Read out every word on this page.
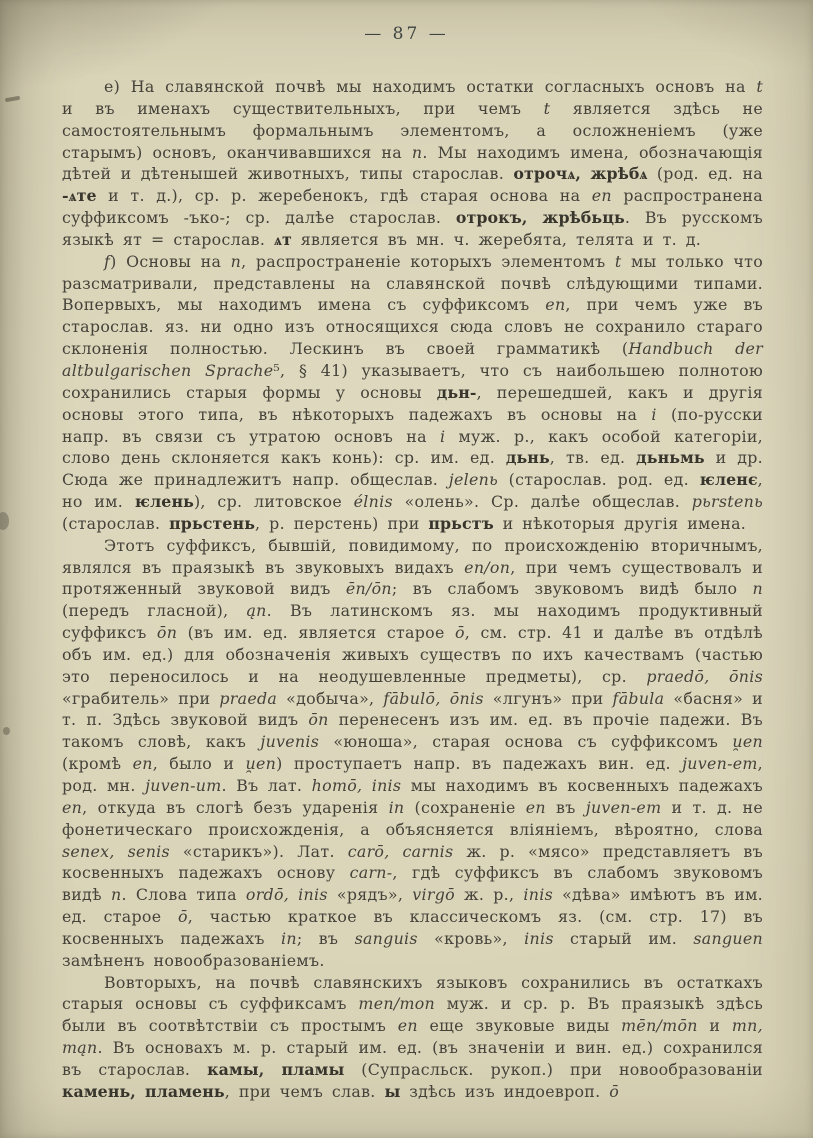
— 87 —

е) На славянской почвѣ мы находимъ остатки согласныхъ основъ на t и въ именахъ существительныхъ, при чемъ t является здѣсь не самостоятельнымъ формальнымъ элементомъ, а осложненіемъ (уже старымъ) основъ, оканчивавшихся на n. Мы находимъ имена, обозначающія дѣтей и дѣтенышей животныхъ, типы старослав. отрочѧ, жрѣбѧ (род. ед. на -ѧте и т. д.), ср. р. жеребенокъ, гдѣ старая основа на en распространена суффиксомъ -ъко-; ср. далѣе старослав. отрокъ, жрѣбьць. Въ русскомъ языкѣ ят = старослав. ѧт является въ мн. ч. жеребята, телята и т. д.

f) Основы на n, распространеніе которыхъ элементомъ t мы только что разсматривали, представлены на славянской почвѣ слѣдующими типами. Вопервыхъ, мы находимъ имена съ суффиксомъ en, при чемъ уже въ старослав. яз. ни одно изъ относящихся сюда словъ не сохранило стараго склоненія полностью. Лескинъ въ своей грамматикѣ (Handbuch der altbulgarischen Sprache⁵, § 41) указываетъ, что съ наибольшею полнотою сохранились старыя формы у основы дьн-, перешедшей, какъ и другія основы этого типа, въ нѣкоторыхъ падежахъ въ основы на i (по-русски напр. въ связи съ утратою основъ на i муж. р., какъ особой категоріи, слово день склоняется какъ конь): ср. им. ед. дьнь, тв. ед. дьньмь и др. Сюда же принадлежитъ напр. общеслав. jelenь (старослав. род. ед. ѥленє, но им. ѥлень), ср. литовское élnis «олень». Ср. далѣе общеслав. pьrstenь (старослав. прьстень, р. перстень) при прьстъ и нѣкоторыя другія имена.

Этотъ суффиксъ, бывшій, повидимому, по происхожденію вторичнымъ, являлся въ праязыкѣ въ звуковыхъ видахъ en/on, при чемъ существовалъ и протяженный звуковой видъ ēn/ōn; въ слабомъ звуковомъ видѣ было n (передъ гласной), ąn. Въ латинскомъ яз. мы находимъ продуктивный суффиксъ ōn (въ им. ед. является старое ō, см. стр. 41 и далѣе въ отдѣлѣ объ им. ед.) для обозначенія живыхъ существъ по ихъ качествамъ (частью это переносилось и на неодушевленные предметы), ср. praedō, ōnis «грабитель» при praeda «добыча», fābulō, ōnis «лгунъ» при fābula «басня» и т. п. Здѣсь звуковой видъ ōn перенесенъ изъ им. ед. въ прочіе падежи. Въ такомъ словѣ, какъ juvenis «юноша», старая основа съ суффиксомъ u̯en (кромѣ en, было и u̯en) проступаетъ напр. въ падежахъ вин. ед. juven-em, род. мн. juven-um. Въ лат. homō, inis мы находимъ въ косвенныхъ падежахъ en, откуда въ слогѣ безъ ударенія in (сохраненіе en въ juven-em и т. д. не фонетическаго происхожденія, а объясняется вліяніемъ, вѣроятно, слова senex, senis «старикъ»). Лат. carō, carnis ж. р. «мясо» представляетъ въ косвенныхъ падежахъ основу carn-, гдѣ суффиксъ въ слабомъ звуковомъ видѣ n. Слова типа ordō, inis «рядъ», virgō ж. р., inis «дѣва» имѣютъ въ им. ед. старое ō, частью краткое въ классическомъ яз. (см. стр. 17) въ косвенныхъ падежахъ in; въ sanguis «кровь», inis старый им. sanguen замѣненъ новообразованіемъ.

Вовторыхъ, на почвѣ славянскихъ языковъ сохранились въ остаткахъ старыя основы съ суффиксамъ men/mon муж. и ср. р. Въ праязыкѣ здѣсь были въ соотвѣтствіи съ простымъ en еще звуковые виды mēn/mōn и mn, mąn. Въ основахъ м. р. старый им. ед. (въ значеніи и вин. ед.) сохранился въ старослав. камы, пламы (Супрасльск. рукоп.) при новообразованіи камень, пламень, при чемъ слав. ы здѣсь изъ индоевроп. ō
